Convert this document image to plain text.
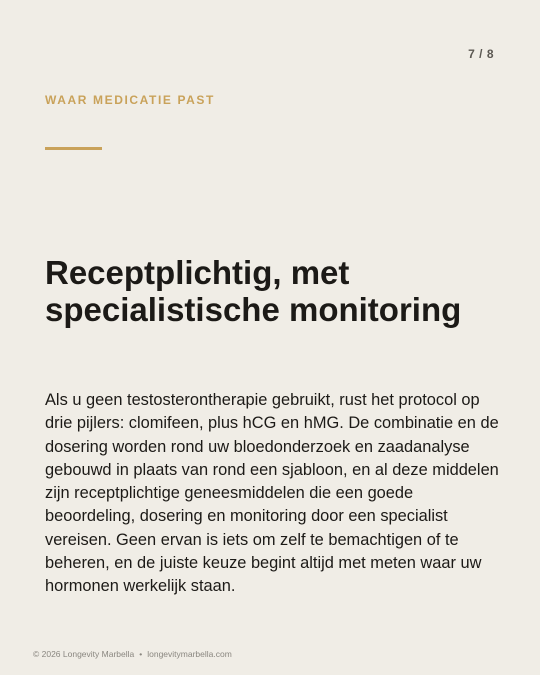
7 / 8
WAAR MEDICATIE PAST
Receptplichtig, met specialistische monitoring

Als u geen testosterontherapie gebruikt, rust het protocol op drie pijlers: clomifeen, plus hCG en hMG. De combinatie en de dosering worden rond uw bloedonderzoek en zaadanalyse gebouwd in plaats van rond een sjabloon, en al deze middelen zijn receptplichtige geneesmiddelen die een goede beoordeling, dosering en monitoring door een specialist vereisen. Geen ervan is iets om zelf te bemachtigen of te beheren, en de juiste keuze begint altijd met meten waar uw hormonen werkelijk staan.

© 2026 Longevity Marbella • longevitymarbella.com
